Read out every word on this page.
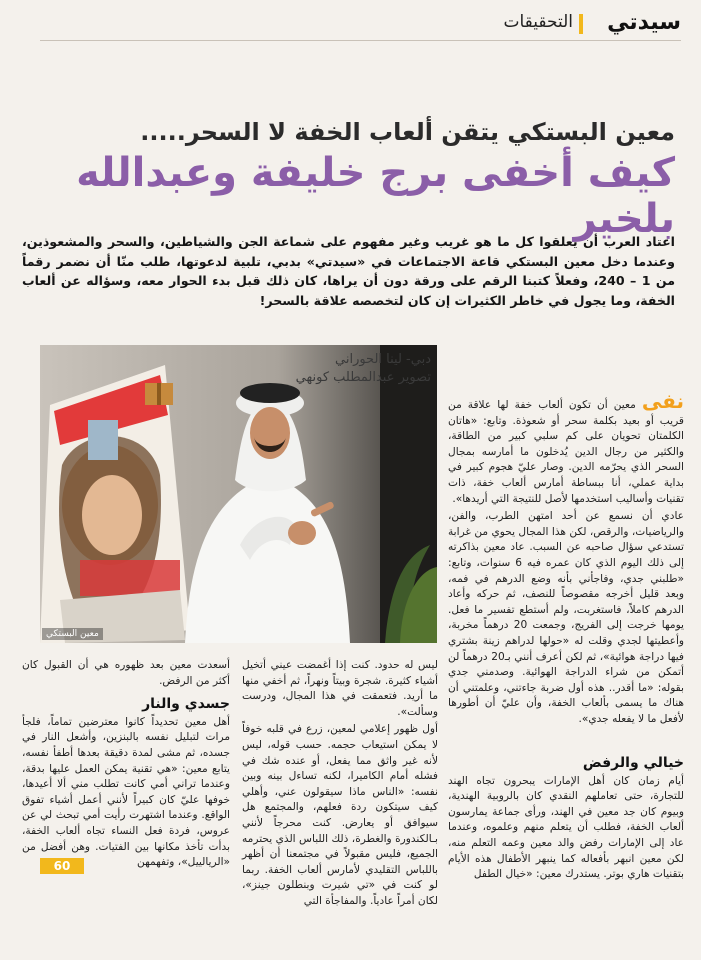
التحقيقات سيدتي
معين البستكي يتقن ألعاب الخفة لا السحر.....
كيف أخفى برج خليفة وعبدالله بلخير
اعتاد العرب أن يعلقوا كل ما هو غريب وغير مفهوم على شماعة الجن والشياطين، والسحر والمشعوذين، وعندما دخل معين البستكي قاعة الاجتماعات في «سيدتي» بدبي، تلبية لدعوتها، طلب منّا أن نضمر رقماً من 1 – 240، وفعلاً كتبنا الرقم على ورقة دون أن يراها، كان ذلك قبل بدء الحوار معه، وسؤاله عن ألعاب الخفة، وما يجول في خاطر الكثيرات إن كان لتخصصه علاقة بالسحر!
معين البستكي
دبي- لينا الحوراني
تصوير عبدالمطلب كونهي

نفى معين أن تكون ألعاب خفة لها علاقة من قريب أو بعيد بكلمة سحر أو شعوذة. وتابع: «هاتان الكلمتان تحويان على كم سلبي كبير من الطاقة، والكثير من رجال الدين يُدخلون ما أمارسه بمجال السحر الذي يحرّمه الدين. وصار عليّ هجوم كبير في بداية عملي، أنا ببساطة أمارس ألعاب خفة، ذات تقنيات وأساليب استخدمها لأصل للنتيجة التي أريدها».

عادي أن نسمع عن أحد امتهن الطرب، والفن، والرياضيات، والرقص، لكن هذا المجال يحوي من غرابة تستدعي سؤال صاحبه عن السبب. عاد معين بذاكرته إلى ذلك اليوم الذي كان عمره فيه 6 سنوات، وتابع: «طلبني جدي، وفاجأني بأنه وضع الدرهم في فمه، وبعد قليل أخرجه مقصوصاً للنصف، ثم حركه وأعاد الدرهم كاملاً، فاستغربت، ولم أستطع تفسير ما فعل. يومها خرجت إلى الفريج، وجمعت 20 درهماً مخربة، وأعطيتها لجدي وقلت له «حولها لدراهم زينة بشتري فيها دراجة هوائية»، ثم لكن أعرف أنني بـ20 درهماً لن أتمكن من شراء الدراجة الهوائية. وصدمني جدي بقوله: «ما أقدر.. هذه أول ضربة جاءتني، وعلمتني أن هناك ما يسمى بألعاب الخفة، وأن عليّ أن أطورها لأفعل ما لا يفعله جدي».

خيالي والرفض

أيام زمان كان أهل الإمارات يبحرون تجاه الهند للتجارة، حتى تعاملهم النقدي كان بالروبية الهندية، وبيوم كان جد معين في الهند، ورأى جماعة يمارسون ألعاب الخفة، فطلب أن يتعلم منهم وعلموه، وعندما عاد إلى الإمارات رفض والد معين وعمه التعلم منه، لكن معين انبهر بأفعاله كما ينبهر الأطفال هذه الأيام بتقنيات هاري بوتر. يستدرك معين: «خيال الطفل

ليس له حدود. كنت إذا أغمضت عيني أتخيل أشياء كثيرة. شجرة وبيتاً ونهراً، ثم أخفي منها ما أريد. فتعمقت في هذا المجال، ودرست وسألت».

أول ظهور إعلامي لمعين، زرع في قلبه خوفاً لا يمكن استيعاب حجمه. حسب قوله، ليس لأنه غير واثق مما يفعل، أو عنده شك في فشله أمام الكاميرا، لكنه تساءل بينه وبين نفسه: «الناس ماذا سيقولون عني، وأهلي كيف سيتكون ردة فعلهم، والمجتمع هل سيوافق أو يعارض. كنت محرجاً لأنني بـالكندورة والغطرة، ذلك اللباس الذي يحترمه الجميع، فليس مقبولاً في مجتمعنا أن أظهر باللباس التقليدي لأمارس ألعاب الخفة. ربما لو كنت في «تي شيرت وبنطلون جينز»، لكان أمراً عادياً. والمفاجأة التي

أسعدت معين بعد ظهوره هي أن القبول كان أكثر من الرفض.

جسدي والنار

أهل معين تحديداً كانوا معترضين تماماً، فلجأ مرات لتبليل نفسه بالبنزين، وأشعل النار في جسده، ثم مشى لمدة دقيقة بعدها أطفأ نفسه، يتابع معين: «هي تقنية يمكن العمل عليها بدقة، وعندما تراني أمي كانت تطلب مني ألا أعيدها، خوفها عليّ كان كبيراً لأنني أعمل أشياء تفوق الواقع. وعندما اشتهرت رأيت أمي تبحث لي عن عروس، فردة فعل النساء تجاه ألعاب الخفة، بدأت تأخذ مكانها بين الفتيات. وهن أفضل من «الريالييل»، وتفهمهن

60
